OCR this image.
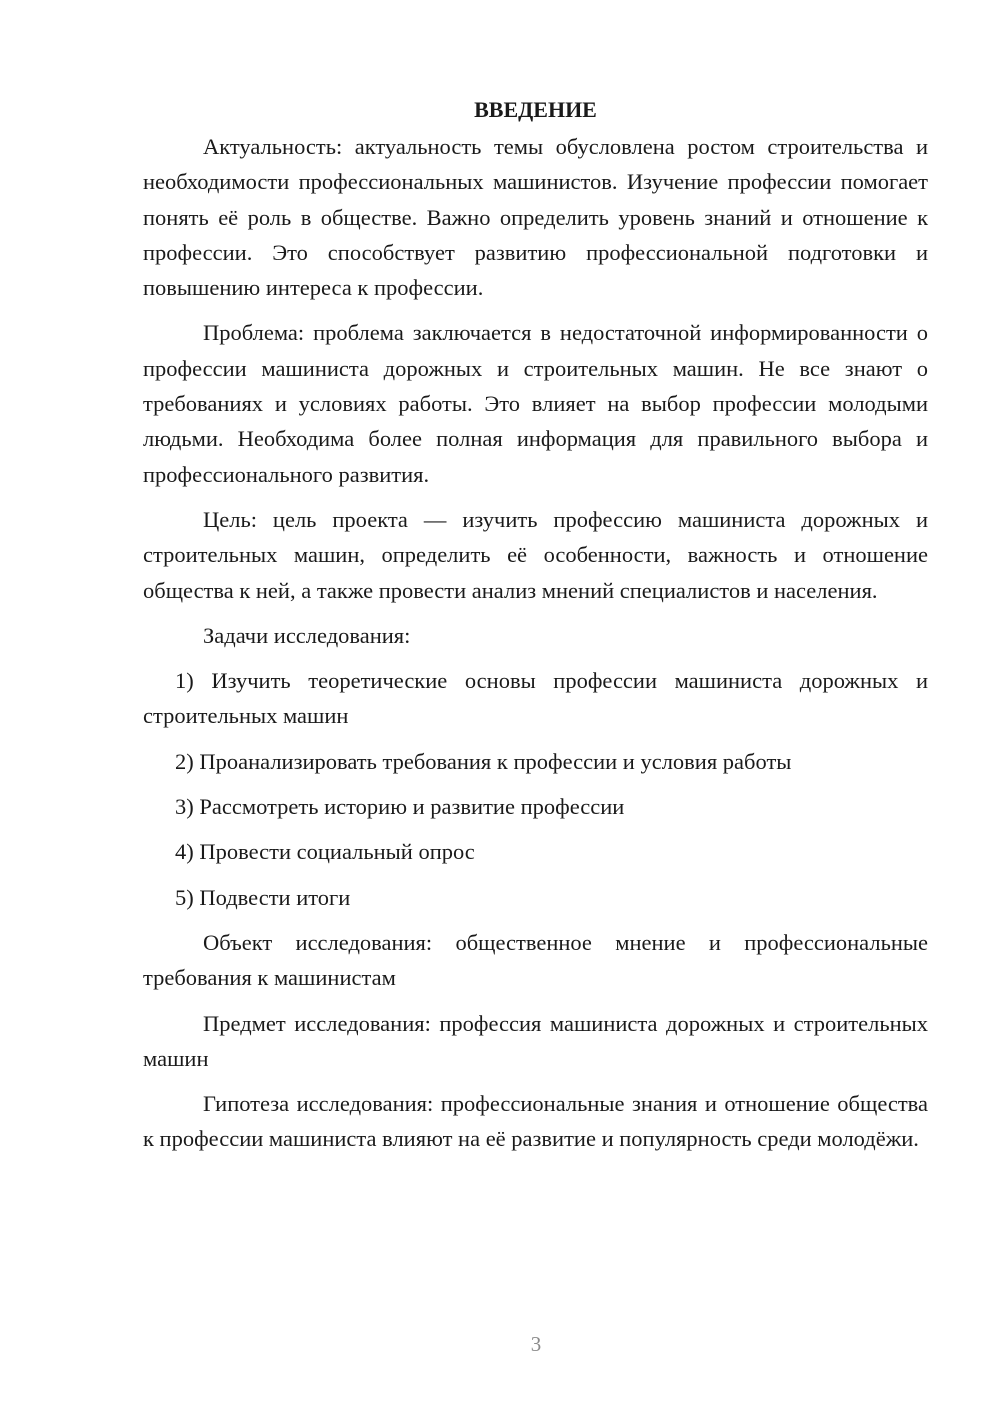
ВВЕДЕНИЕ

Актуальность: актуальность темы обусловлена ростом строительства и необходимости профессиональных машинистов. Изучение профессии помогает понять её роль в обществе. Важно определить уровень знаний и отношение к профессии. Это способствует развитию профессиональной подготовки и повышению интереса к профессии.

Проблема: проблема заключается в недостаточной информированности о профессии машиниста дорожных и строительных машин. Не все знают о требованиях и условиях работы. Это влияет на выбор профессии молодыми людьми. Необходима более полная информация для правильного выбора и профессионального развития.

Цель: цель проекта — изучить профессию машиниста дорожных и строительных машин, определить её особенности, важность и отношение общества к ней, а также провести анализ мнений специалистов и населения.

Задачи исследования:

1) Изучить теоретические основы профессии машиниста дорожных и строительных машин

2) Проанализировать требования к профессии и условия работы

3) Рассмотреть историю и развитие профессии

4) Провести социальный опрос

5) Подвести итоги

Объект исследования: общественное мнение и профессиональные требования к машинистам

Предмет исследования: профессия машиниста дорожных и строительных машин

Гипотеза исследования: профессиональные знания и отношение общества к профессии машиниста влияют на её развитие и популярность среди молодёжи.

3
